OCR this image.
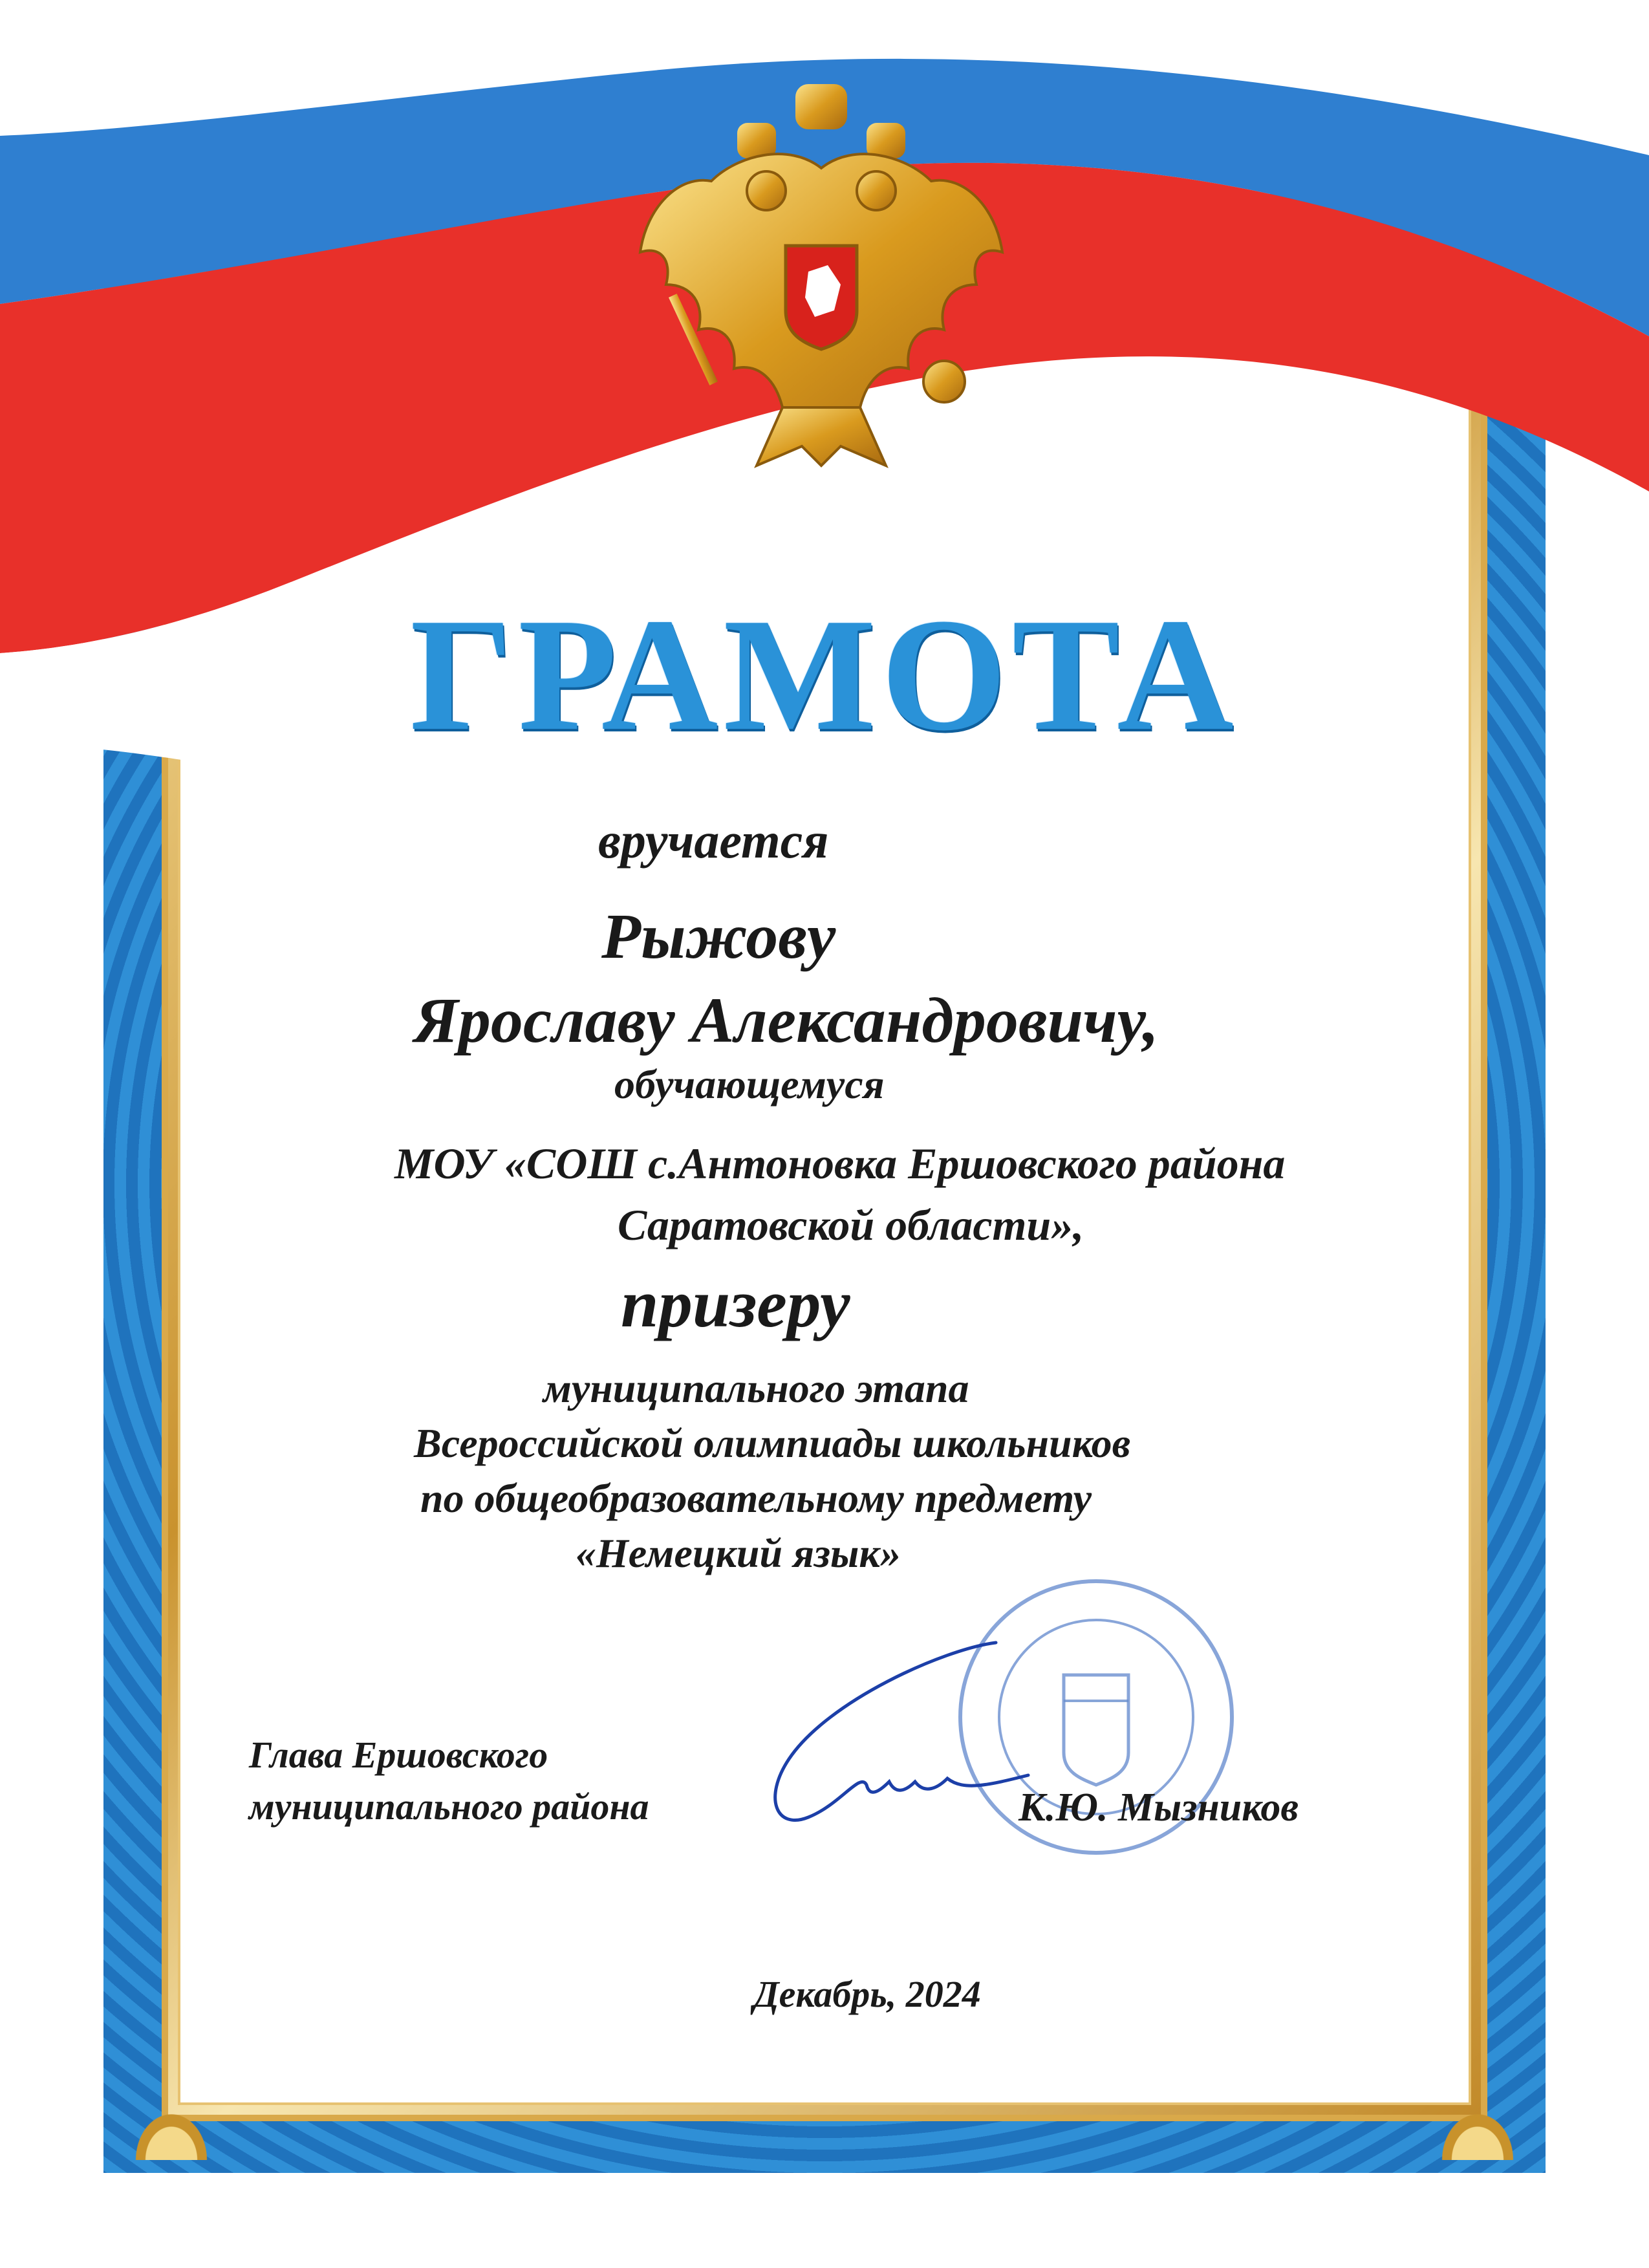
ГРАМОТА
вручается
Рыжову
Ярославу Александровичу,
обучающемуся
МОУ «СОШ с.Антоновка Ершовского района
Саратовской области»,
призеру
муниципального этапа
Всероссийской олимпиады школьников
по общеобразовательному предмету
«Немецкий язык»
Глава Ершовского
муниципального района	К.Ю. Мызников
Декабрь, 2024
